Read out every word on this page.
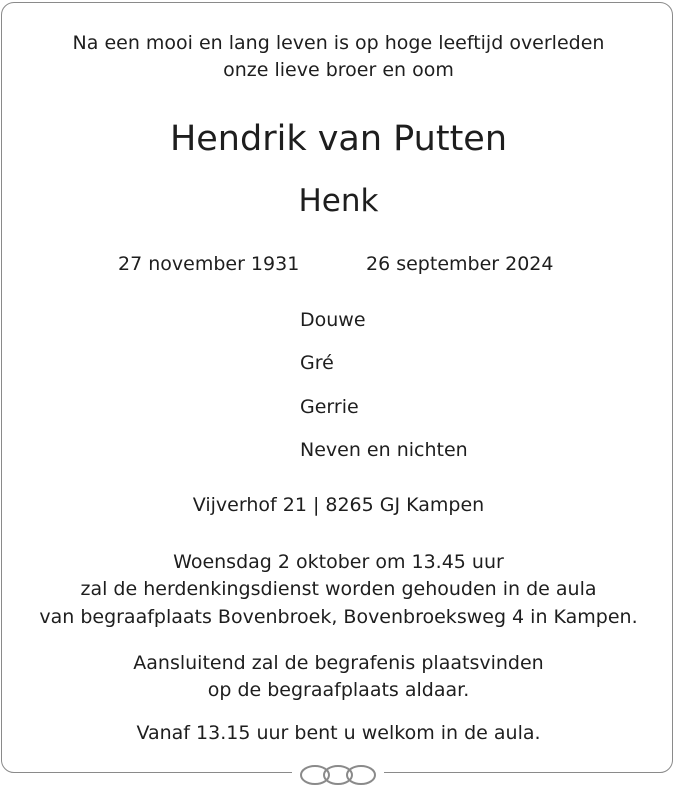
Na een mooi en lang leven is op hoge leeftijd overleden

onze lieve broer en oom

Hendrik van Putten

Henk

27 november 1931	26 september 2024
Douwe
Gré
Gerrie
Neven en nichten

Vijverhof 21 | 8265 GJ Kampen

Woensdag 2 oktober om 13.45 uur

zal de herdenkingsdienst worden gehouden in de aula

van begraafplaats Bovenbroek, Bovenbroeksweg 4 in Kampen.

Aansluitend zal de begrafenis plaatsvinden

op de begraafplaats aldaar.

Vanaf 13.15 uur bent u welkom in de aula.
